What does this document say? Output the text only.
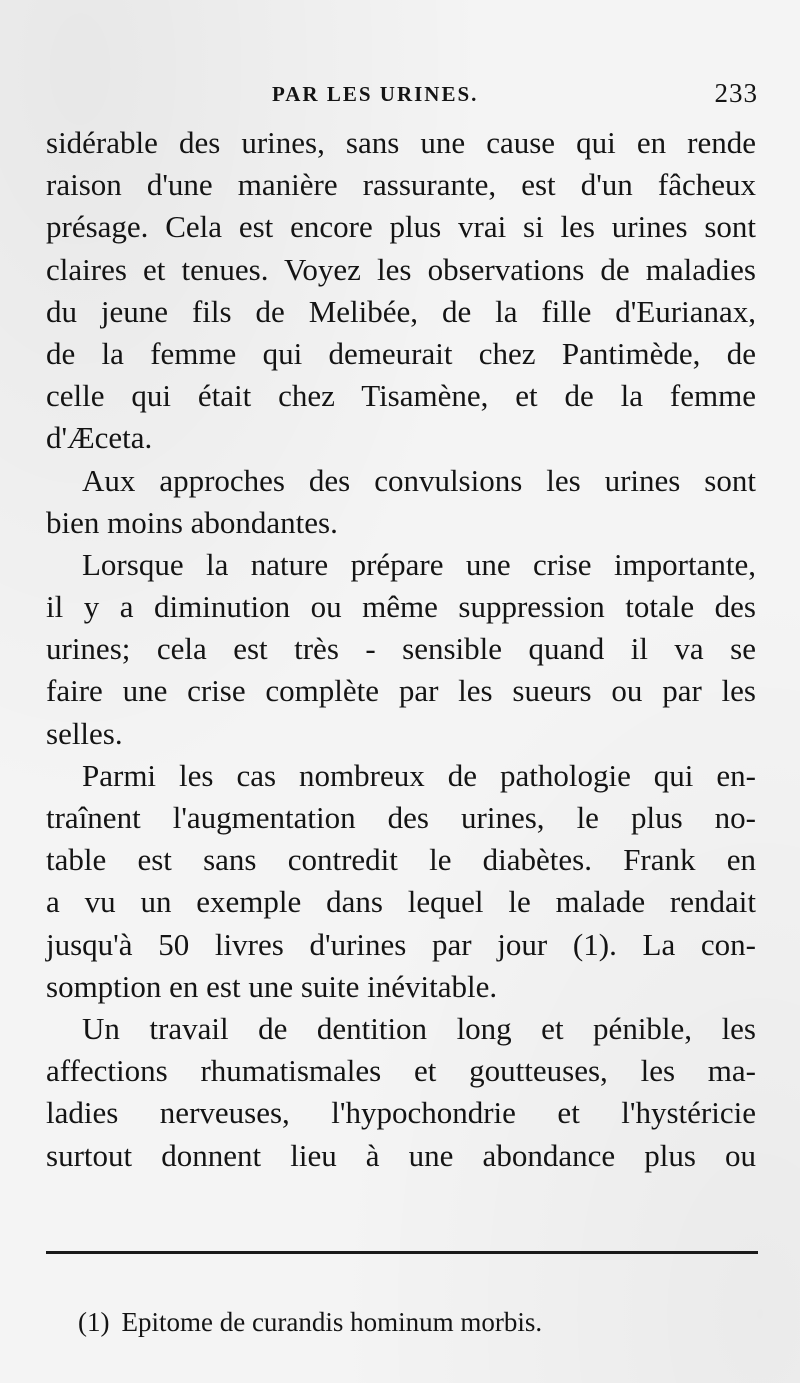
PAR LES URINES.	233
sidérable des urines, sans une cause qui en rende
raison d'une manière rassurante, est d'un fâcheux
présage. Cela est encore plus vrai si les urines sont
claires et tenues. Voyez les observations de maladies
du jeune fils de Melibée, de la fille d'Eurianax,
de la femme qui demeurait chez Pantimède, de
celle qui était chez Tisamène, et de la femme
d'Æceta.
Aux approches des convulsions les urines sont
bien moins abondantes.
Lorsque la nature prépare une crise importante,
il y a diminution ou même suppression totale des
urines; cela est très - sensible quand il va se
faire une crise complète par les sueurs ou par les
selles.
Parmi les cas nombreux de pathologie qui en-
traînent l'augmentation des urines, le plus no-
table est sans contredit le diabètes. Frank en
a vu un exemple dans lequel le malade rendait
jusqu'à 50 livres d'urines par jour (1). La con-
somption en est une suite inévitable.
Un travail de dentition long et pénible, les
affections rhumatismales et goutteuses, les ma-
ladies nerveuses, l'hypochondrie et l'hystéricie
surtout donnent lieu à une abondance plus ou
(1) Epitome de curandis hominum morbis.
